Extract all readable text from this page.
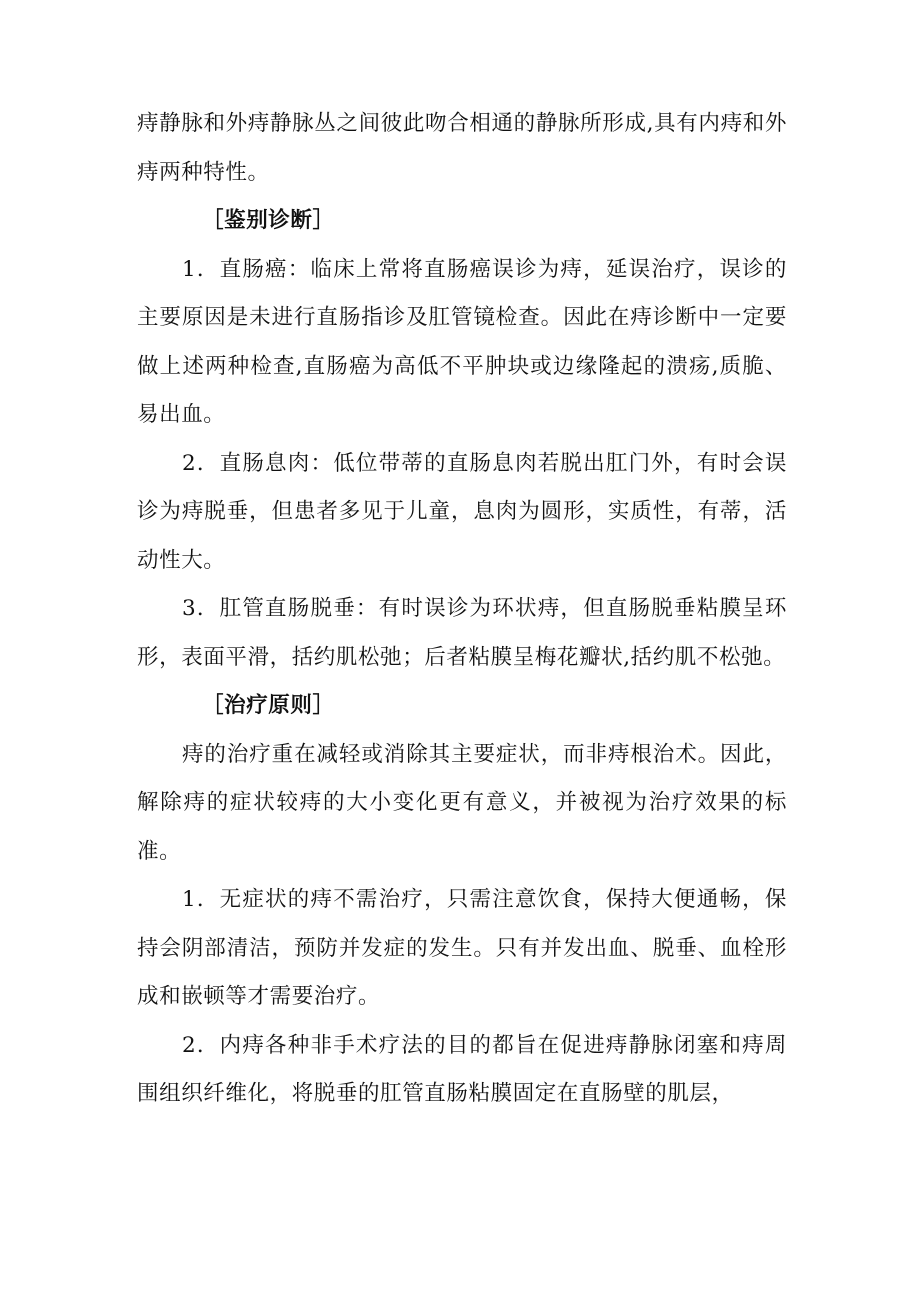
痔静脉和外痔静脉丛之间彼此吻合相通的静脉所形成,具有内痔和外痔两种特性。

［鉴别诊断］

1．直肠癌：临床上常将直肠癌误诊为痔，延误治疗，误诊的主要原因是未进行直肠指诊及肛管镜检查。因此在痔诊断中一定要做上述两种检查,直肠癌为高低不平肿块或边缘隆起的溃疡,质脆、易出血。

2．直肠息肉：低位带蒂的直肠息肉若脱出肛门外，有时会误诊为痔脱垂，但患者多见于儿童，息肉为圆形，实质性，有蒂，活动性大。

3．肛管直肠脱垂：有时误诊为环状痔，但直肠脱垂粘膜呈环形，表面平滑，括约肌松弛；后者粘膜呈梅花瓣状,括约肌不松弛。

［治疗原则］

痔的治疗重在减轻或消除其主要症状，而非痔根治术。因此，解除痔的症状较痔的大小变化更有意义，并被视为治疗效果的标准。

1．无症状的痔不需治疗，只需注意饮食，保持大便通畅，保持会阴部清洁，预防并发症的发生。只有并发出血、脱垂、血栓形成和嵌顿等才需要治疗。

2．内痔各种非手术疗法的目的都旨在促进痔静脉闭塞和痔周围组织纤维化，将脱垂的肛管直肠粘膜固定在直肠壁的肌层，
